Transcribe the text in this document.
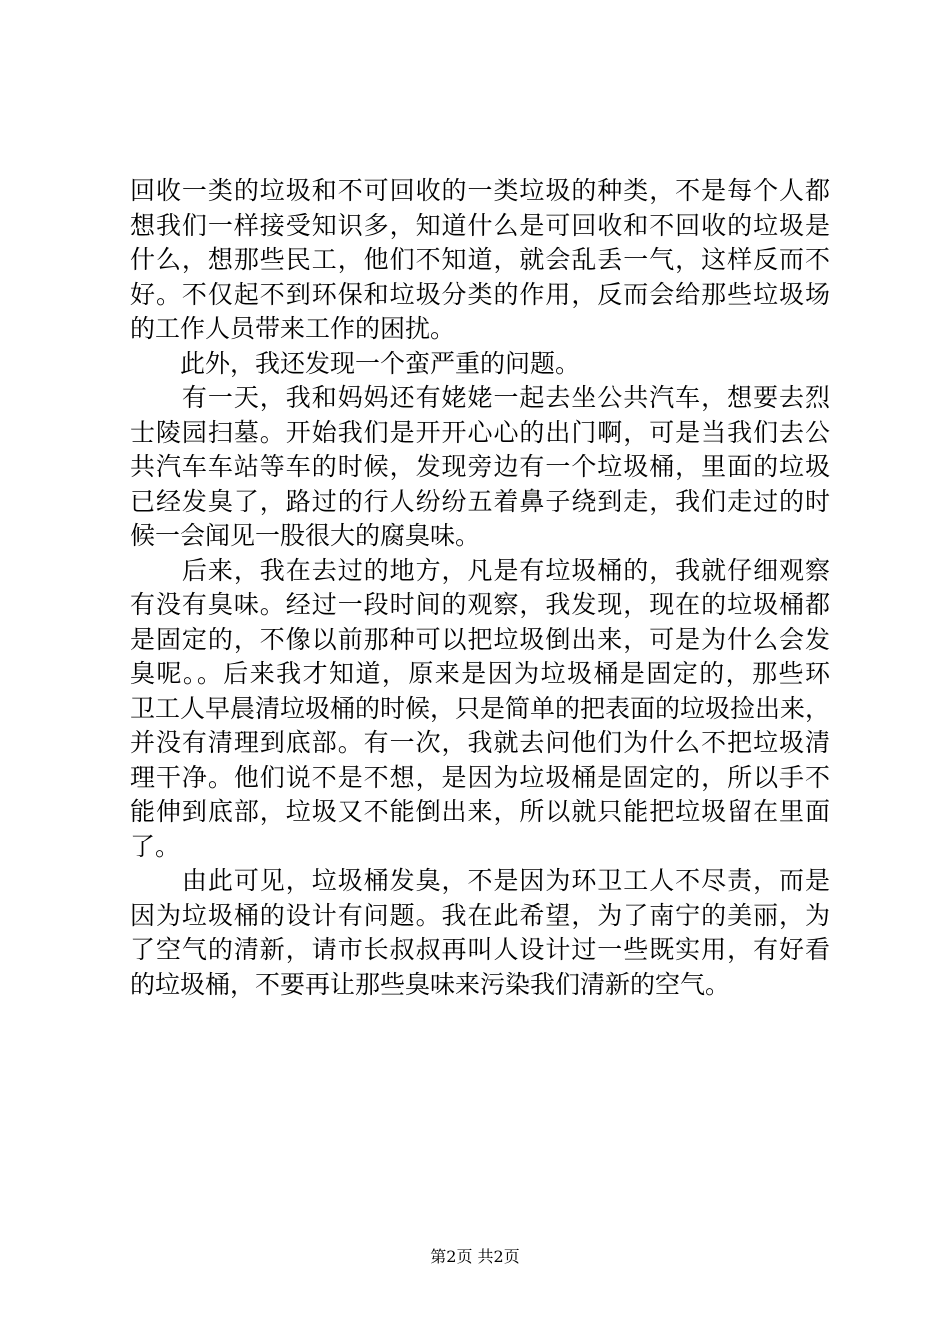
回收一类的垃圾和不可回收的一类垃圾的种类，不是每个人都
想我们一样接受知识多，知道什么是可回收和不回收的垃圾是
什么，想那些民工，他们不知道，就会乱丢一气，这样反而不
好。不仅起不到环保和垃圾分类的作用，反而会给那些垃圾场
的工作人员带来工作的困扰。
　　此外，我还发现一个蛮严重的问题。
　　有一天，我和妈妈还有姥姥一起去坐公共汽车，想要去烈
士陵园扫墓。开始我们是开开心心的出门啊，可是当我们去公
共汽车车站等车的时候，发现旁边有一个垃圾桶，里面的垃圾
已经发臭了，路过的行人纷纷五着鼻子绕到走，我们走过的时
候一会闻见一股很大的腐臭味。
　　后来，我在去过的地方，凡是有垃圾桶的，我就仔细观察
有没有臭味。经过一段时间的观察，我发现，现在的垃圾桶都
是固定的，不像以前那种可以把垃圾倒出来，可是为什么会发
臭呢。。后来我才知道，原来是因为垃圾桶是固定的，那些环
卫工人早晨清垃圾桶的时候，只是简单的把表面的垃圾捡出来，
并没有清理到底部。有一次，我就去问他们为什么不把垃圾清
理干净。他们说不是不想，是因为垃圾桶是固定的，所以手不
能伸到底部，垃圾又不能倒出来，所以就只能把垃圾留在里面
了。
　　由此可见，垃圾桶发臭，不是因为环卫工人不尽责，而是
因为垃圾桶的设计有问题。我在此希望，为了南宁的美丽，为
了空气的清新，请市长叔叔再叫人设计过一些既实用，有好看
的垃圾桶，不要再让那些臭味来污染我们清新的空气。
第2页 共2页
